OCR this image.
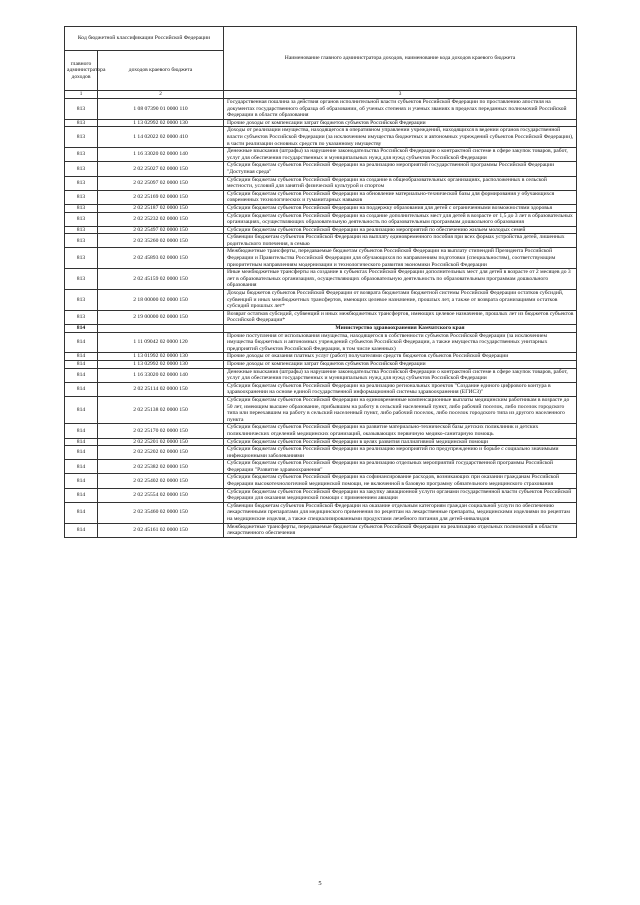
Код бюджетной классификации Российской Федерации		Наименование главного администратора доходов, наименование кода доходов краевого бюджета
главного администратора доходов	доходов краевого бюджета	
1	2	3
813	1 08 07390 01 0000 110	Государственная пошлина за действия органов исполнительной власти субъектов Российской Федерации по проставлению апостиля на документах государственного образца об образовании, об ученых степенях и ученых званиях в пределах переданных полномочий Российской Федерации в области образования
813	1 13 02992 02 0000 130	Прочие доходы от компенсации затрат бюджетов субъектов Российской Федерации
813	1 14 02022 02 0000 410	Доходы от реализации имущества, находящегося в оперативном управлении учреждений, находящихся в ведении органов государственной власти субъектов Российской Федерации (за исключением имущества бюджетных и автономных учреждений субъектов Российской Федерации), в части реализации основных средств по указанному имуществу
813	1 16 33020 02 0000 140	Денежные взыскания (штрафы) за нарушение законодательства Российской Федерации о контрактной системе в сфере закупок товаров, работ, услуг для обеспечения государственных и муниципальных нужд для нужд субъектов Российской Федерации
813	2 02 25027 02 0000 150	Субсидии бюджетам субъектов Российской Федерации на реализацию мероприятий государственной программы Российской Федерации "Доступная среда"
813	2 02 25097 02 0000 150	Субсидии бюджетам субъектов Российской Федерации на создание в общеобразовательных организациях, расположенных в сельской местности, условий для занятий физической культурой и спортом
813	2 02 25169 02 0000 150	Субсидии бюджетам субъектов Российской Федерации на обновление материально-технической базы для формирования у обучающихся современных технологических и гуманитарных навыков
813	2 02 25187 02 0000 150	Субсидии бюджетам субъектов Российской Федерации на поддержку образования для детей с ограниченными возможностями здоровья
813	2 02 25232 02 0000 150	Субсидии бюджетам субъектов Российской Федерации на создание дополнительных мест для детей в возрасте от 1,5 до 3 лет в образовательных организациях, осуществляющих образовательную деятельность по образовательным программам дошкольного образования
813	2 02 25497 02 0000 150	Субсидии бюджетам субъектов Российской Федерации на реализацию мероприятий по обеспечению жильем молодых семей
813	2 02 35260 02 0000 150	Субвенции бюджетам субъектов Российской Федерации на выплату единовременного пособия при всех формах устройства детей, лишенных родительского попечения, в семью
813	2 02 45893 02 0000 150	Межбюджетные трансферты, передаваемые бюджетам субъектов Российской Федерации на выплату стипендий Президента Российской Федерации и Правительства Российской Федерации для обучающихся по направлениям подготовки (специальностям), соответствующим приоритетным направлениям модернизации и технологического развития экономики Российской Федерации
813	2 02 45159 02 0000 150	Иные межбюджетные трансферты на создание в субъектах Российской Федерации дополнительных мест для детей в возрасте от 2 месяцев до 3 лет в образовательных организациях, осуществляющих образовательную деятельность по образовательным программам дошкольного образования
813	2 18 00000 02 0000 150	Доходы бюджетов субъектов Российской Федерации от возврата бюджетами бюджетной системы Российской Федерации остатков субсидий, субвенций и иных межбюджетных трансфертов, имеющих целевое назначение, прошлых лет, а также от возврата организациями остатков субсидий прошлых лет*
813	2 19 00000 02 0000 150	Возврат остатков субсидий, субвенций и иных межбюджетных трансфертов, имеющих целевое назначение, прошлых лет из бюджетов субъектов Российской Федерации*
814		Министерство здравоохранения Камчатского края
814	1 11 09042 02 0000 120	Прочие поступления от использования имущества, находящегося в собственности субъектов Российской Федерации (за исключением имущества бюджетных и автономных учреждений субъектов Российской Федерации, а также имущества государственных унитарных предприятий субъектов Российской Федерации, в том числе казенных)
814	1 13 01992 02 0000 130	Прочие доходы от оказания платных услуг (работ) получателями средств бюджетов субъектов Российской Федерации
814	1 13 02992 02 0000 130	Прочие доходы от компенсации затрат бюджетов субъектов Российской Федерации
814	1 16 33020 02 0000 140	Денежные взыскания (штрафы) за нарушение законодательства Российской Федерации о контрактной системе в сфере закупок товаров, работ, услуг для обеспечения государственных и муниципальных нужд для нужд субъектов Российской Федерации
814	2 02 25114 02 0000 150	Субсидии бюджетам субъектов Российской Федерации на реализацию региональных проектов "Создание единого цифрового контура в здравоохранении на основе единой государственной информационной системы здравоохранения (ЕГИСЗ)"
814	2 02 25138 02 0000 150	Субсидии бюджетам субъектов Российской Федерации на единовременные компенсационные выплаты медицинским работникам в возрасте до 50 лет, имеющим высшее образование, прибывшим на работу в сельский населенный пункт, либо рабочий поселок, либо поселок городского типа или переехавшим на работу в сельский населенный пункт, либо рабочий поселок, либо поселок городского типа из другого населенного пункта
814	2 02 25170 02 0000 150	Субсидии бюджетам субъектов Российской Федерации на развитие материально-технической базы детских поликлиник и детских поликлинических отделений медицинских организаций, оказывающих первичную медико-санитарную помощь
814	2 02 25201 02 0000 150	Субсидии бюджетам субъектов Российской Федерации в целях развития паллиативной медицинской помощи
814	2 02 25202 02 0000 150	Субсидии бюджетам субъектов Российской Федерации на реализацию мероприятий по предупреждению и борьбе с социально значимыми инфекционными заболеваниями
814	2 02 25382 02 0000 150	Субсидии бюджетам субъектов Российской Федерации на реализацию отдельных мероприятий государственной программы Российской Федерации "Развитие здравоохранения"
814	2 02 25402 02 0000 150	Субсидии бюджетам субъектов Российской Федерации на софинансирование расходов, возникающих при оказании гражданам Российской Федерации высокотехнологичной медицинской помощи, не включенной в базовую программу обязательного медицинского страхования
814	2 02 25554 02 0000 150	Субсидии бюджетам субъектов Российской Федерации на закупку авиационной услуги органами государственной власти субъектов Российской Федерации для оказания медицинской помощи с применением авиации
814	2 02 35460 02 0000 150	Субвенции бюджетам субъектов Российской Федерации на оказание отдельным категориям граждан социальной услуги по обеспечению лекарственными препаратами для медицинского применения по рецептам на лекарственные препараты, медицинскими изделиями по рецептам на медицинские изделия, а также специализированными продуктами лечебного питания для детей-инвалидов
814	2 02 45161 02 0000 150	Межбюджетные трансферты, передаваемые бюджетам субъектов Российской Федерации на реализацию отдельных полномочий в области лекарственного обеспечения
5
